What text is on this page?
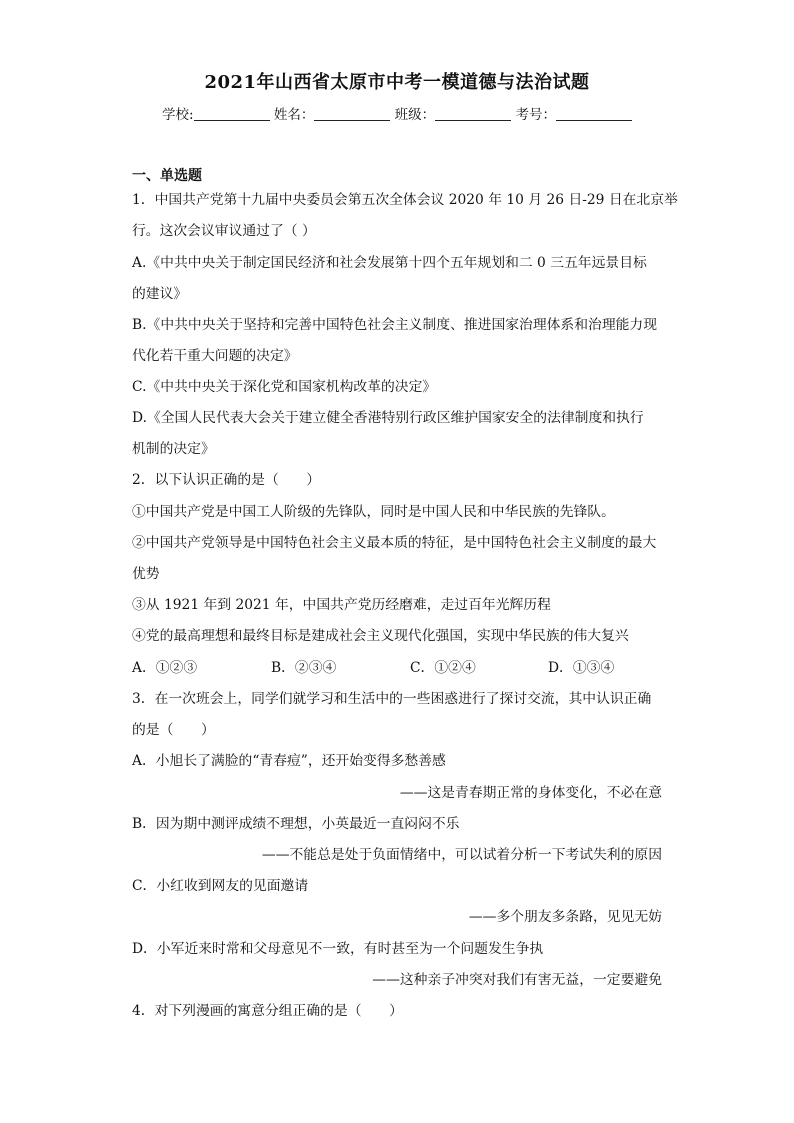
2021年山西省太原市中考一模道德与法治试题
学校:	姓名：	班级：	考号：
一、单选题
1．中国共产党第十九届中央委员会第五次全体会议 2020 年 10 月 26 日-29 日在北京举
行。这次会议审议通过了（ ）
A.《中共中央关于制定国民经济和社会发展第十四个五年规划和二 0 三五年远景目标
的建议》
B.《中共中央关于坚持和完善中国特色社会主义制度、推进国家治理体系和治理能力现
代化若干重大问题的决定》
C.《中共中央关于深化党和国家机构改革的决定》
D.《全国人民代表大会关于建立健全香港特别行政区维护国家安全的法律制度和执行
机制的决定》
2．以下认识正确的是（　　）
①中国共产党是中国工人阶级的先锋队，同时是中国人民和中华民族的先锋队。
②中国共产党领导是中国特色社会主义最本质的特征，是中国特色社会主义制度的最大
优势
③从 1921 年到 2021 年，中国共产党历经磨难，走过百年光辉历程
④党的最高理想和最终目标是建成社会主义现代化强国，实现中华民族的伟大复兴
A．①②③	B．②③④	C．①②④	D．①③④
3．在一次班会上，同学们就学习和生活中的一些困惑进行了探讨交流，其中认识正确
的是（　　）
A．小旭长了满脸的“青春痘”，还开始变得多愁善感
——这是青春期正常的身体变化，不必在意
B．因为期中测评成绩不理想，小英最近一直闷闷不乐
——不能总是处于负面情绪中，可以试着分析一下考试失利的原因
C．小红收到网友的见面邀请
——多个朋友多条路，见见无妨
D．小军近来时常和父母意见不一致，有时甚至为一个问题发生争执
——这种亲子冲突对我们有害无益，一定要避免
4．对下列漫画的寓意分组正确的是（　　）
